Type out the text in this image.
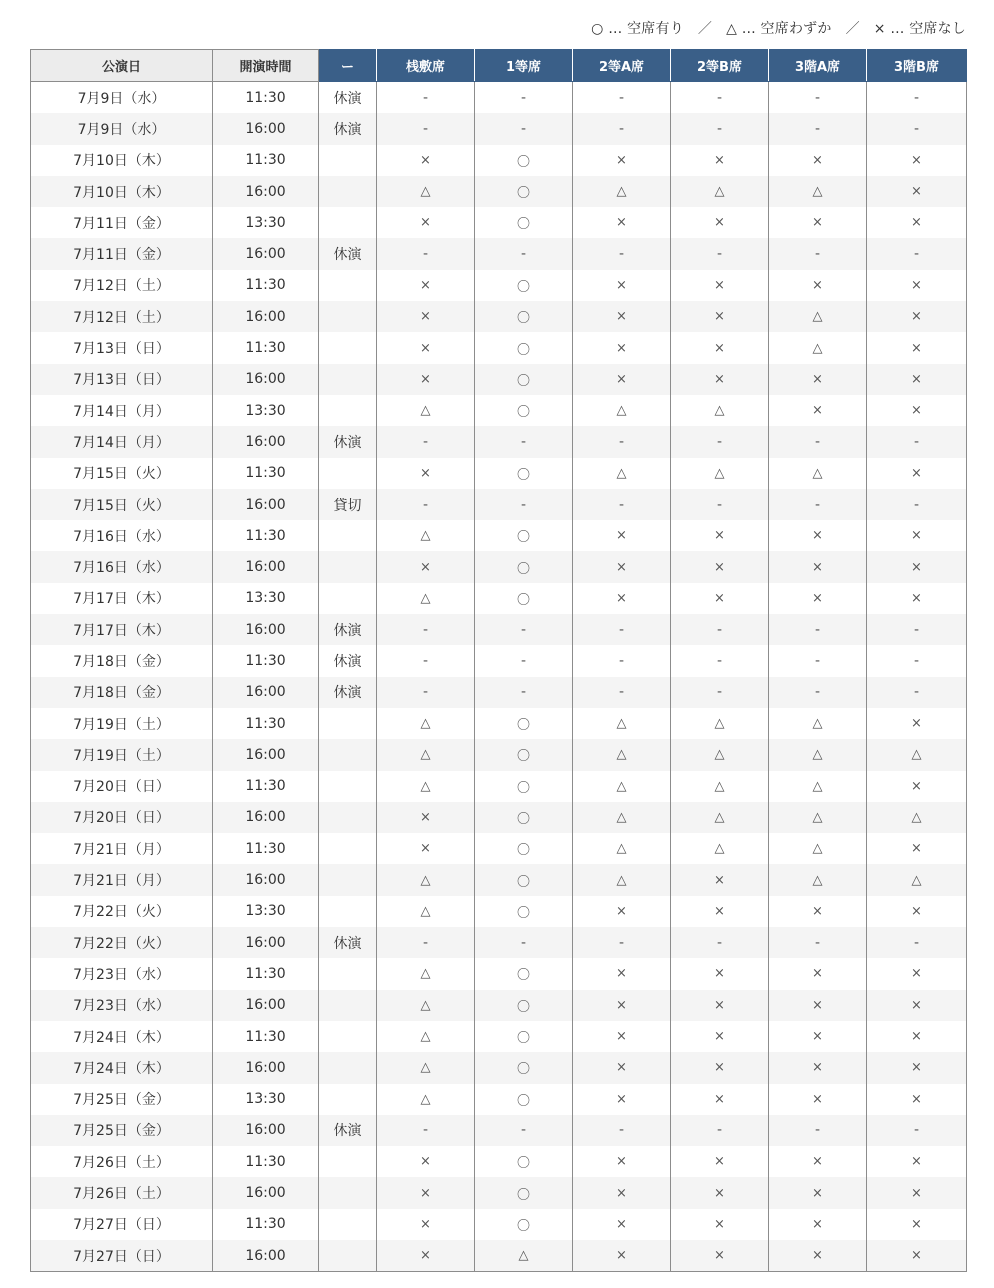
○ … 空席有り ／ △ … 空席わずか ／ × … 空席なし
公演日	開演時間	ー	桟敷席	1等席	2等A席	2等B席	3階A席	3階B席
7月9日（水）	11:30	休演	-	-	-	-	-	-
7月9日（水）	16:00	休演	-	-	-	-	-	-
7月10日（木）	11:30		×	〇	×	×	×	×
7月10日（木）	16:00		△	〇	△	△	△	×
7月11日（金）	13:30		×	〇	×	×	×	×
7月11日（金）	16:00	休演	-	-	-	-	-	-
7月12日（土）	11:30		×	〇	×	×	×	×
7月12日（土）	16:00		×	〇	×	×	△	×
7月13日（日）	11:30		×	〇	×	×	△	×
7月13日（日）	16:00		×	〇	×	×	×	×
7月14日（月）	13:30		△	〇	△	△	×	×
7月14日（月）	16:00	休演	-	-	-	-	-	-
7月15日（火）	11:30		×	〇	△	△	△	×
7月15日（火）	16:00	貸切	-	-	-	-	-	-
7月16日（水）	11:30		△	〇	×	×	×	×
7月16日（水）	16:00		×	〇	×	×	×	×
7月17日（木）	13:30		△	〇	×	×	×	×
7月17日（木）	16:00	休演	-	-	-	-	-	-
7月18日（金）	11:30	休演	-	-	-	-	-	-
7月18日（金）	16:00	休演	-	-	-	-	-	-
7月19日（土）	11:30		△	〇	△	△	△	×
7月19日（土）	16:00		△	〇	△	△	△	△
7月20日（日）	11:30		△	〇	△	△	△	×
7月20日（日）	16:00		×	〇	△	△	△	△
7月21日（月）	11:30		×	〇	△	△	△	×
7月21日（月）	16:00		△	〇	△	×	△	△
7月22日（火）	13:30		△	〇	×	×	×	×
7月22日（火）	16:00	休演	-	-	-	-	-	-
7月23日（水）	11:30		△	〇	×	×	×	×
7月23日（水）	16:00		△	〇	×	×	×	×
7月24日（木）	11:30		△	〇	×	×	×	×
7月24日（木）	16:00		△	〇	×	×	×	×
7月25日（金）	13:30		△	〇	×	×	×	×
7月25日（金）	16:00	休演	-	-	-	-	-	-
7月26日（土）	11:30		×	〇	×	×	×	×
7月26日（土）	16:00		×	〇	×	×	×	×
7月27日（日）	11:30		×	〇	×	×	×	×
7月27日（日）	16:00		×	△	×	×	×	×
